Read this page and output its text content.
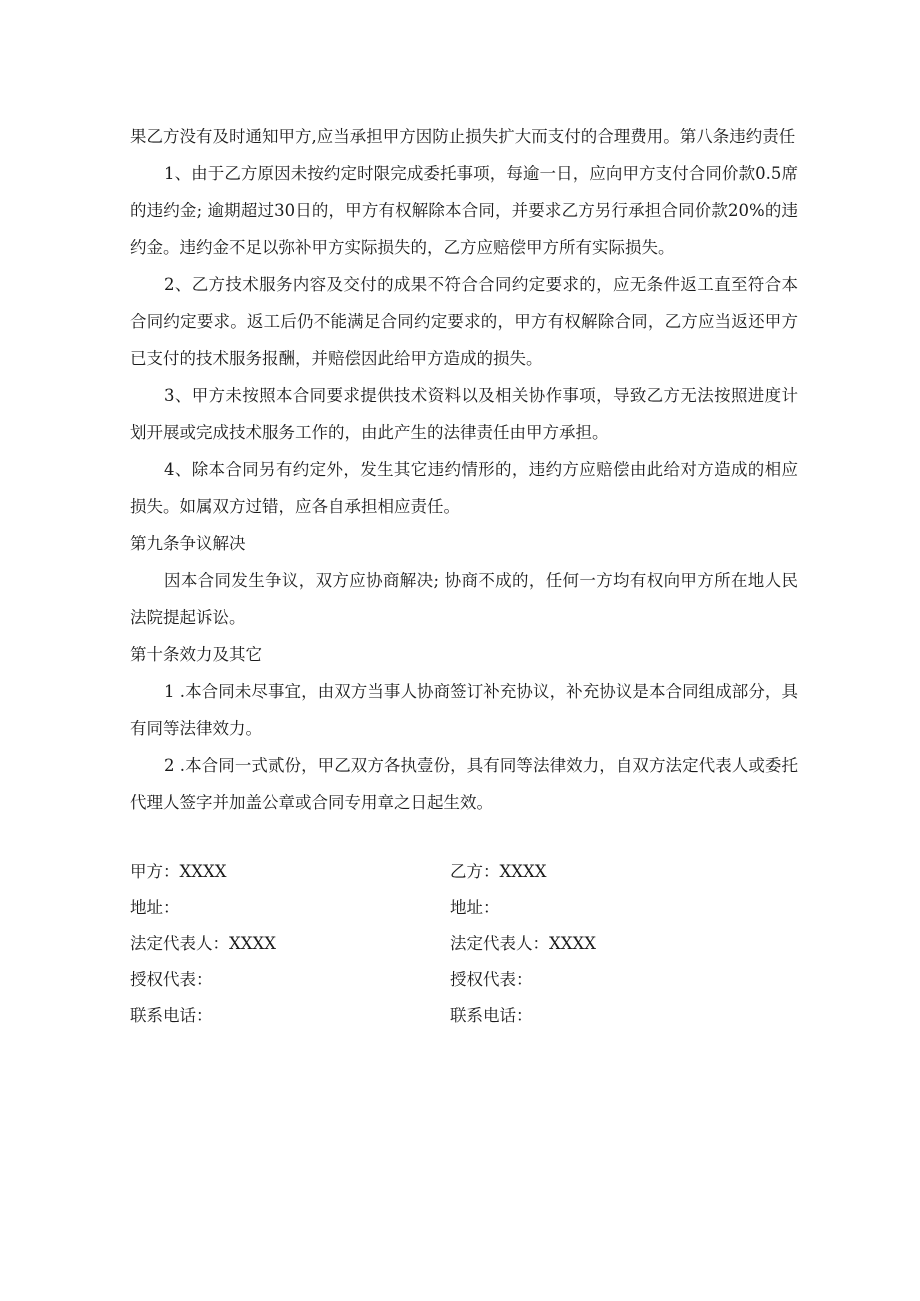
果乙方没有及时通知甲方,应当承担甲方因防止损失扩大而支付的合理费用。第八条违约责任

1、由于乙方原因未按约定时限完成委托事项，每逾一日，应向甲方支付合同价款0.5席的违约金; 逾期超过30日的，甲方有权解除本合同，并要求乙方另行承担合同价款20%的违约金。违约金不足以弥补甲方实际损失的，乙方应赔偿甲方所有实际损失。

2、乙方技术服务内容及交付的成果不符合合同约定要求的，应无条件返工直至符合本合同约定要求。返工后仍不能满足合同约定要求的，甲方有权解除合同，乙方应当返还甲方已支付的技术服务报酬，并赔偿因此给甲方造成的损失。

3、甲方未按照本合同要求提供技术资料以及相关协作事项，导致乙方无法按照进度计划开展或完成技术服务工作的，由此产生的法律责任由甲方承担。

4、除本合同另有约定外，发生其它违约情形的，违约方应赔偿由此给对方造成的相应损失。如属双方过错，应各自承担相应责任。

第九条争议解决

因本合同发生争议，双方应协商解决; 协商不成的，任何一方均有权向甲方所在地人民法院提起诉讼。

第十条效力及其它

1 .本合同未尽事宜，由双方当事人协商签订补充协议，补充协议是本合同组成部分，具有同等法律效力。

2 .本合同一式贰份，甲乙双方各执壹份，具有同等法律效力，自双方法定代表人或委托代理人签字并加盖公章或合同专用章之日起生效。

甲方：XXXX	乙方：XXXX
地址：	地址：
法定代表人：XXXX	法定代表人：XXXX
授权代表：	授权代表：
联系电话：	联系电话：
